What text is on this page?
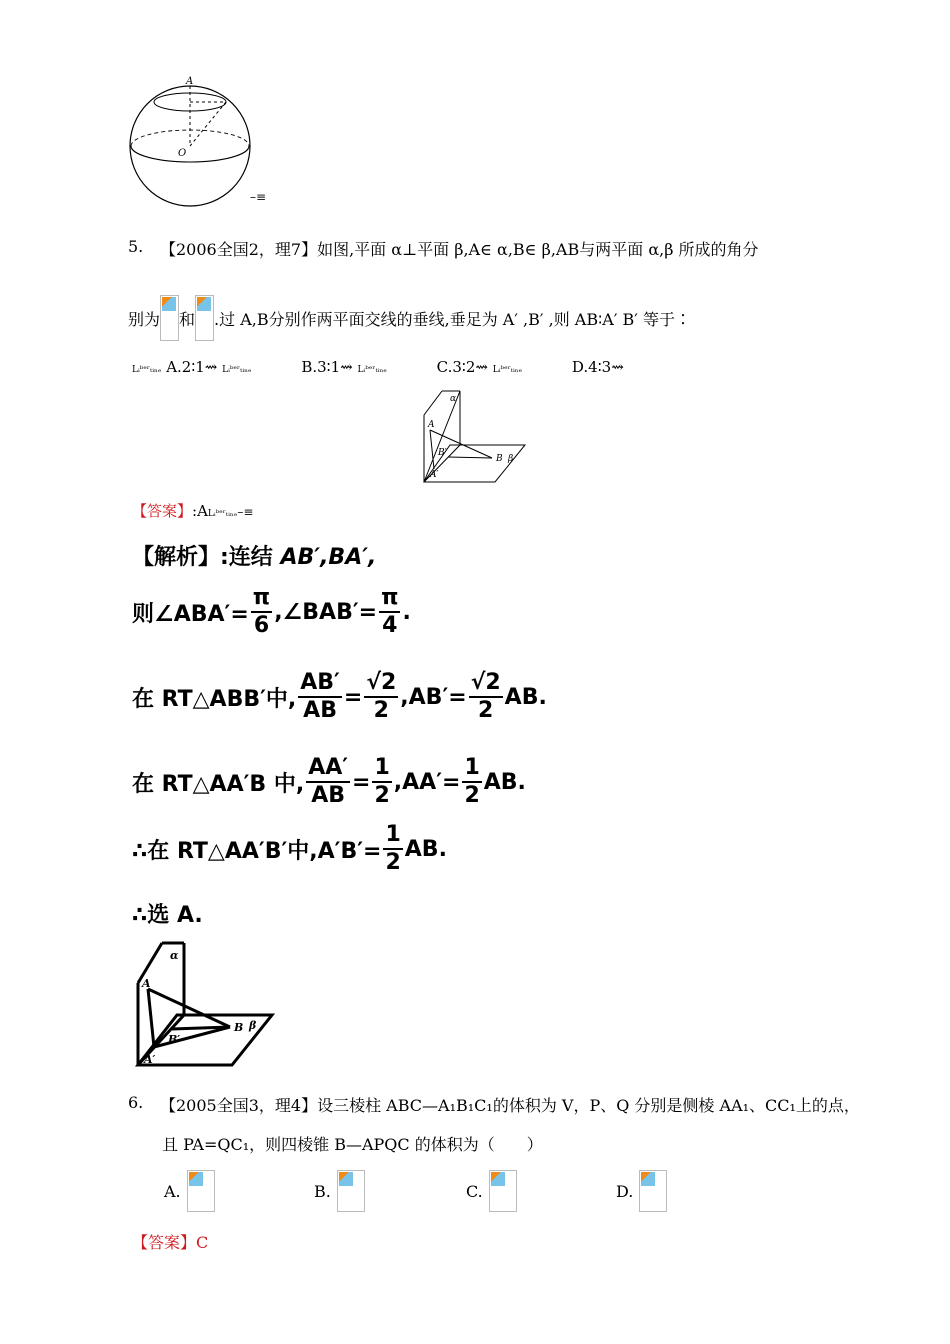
A
O
–≡
5. 【2006全国2，理7】如图,平面 α⊥平面 β,A∈ α,B∈ β,AB与两平面 α,β 所成的角分
别为 和 .过 A,B分别作两平面交线的垂线,垂足为 A′ ,B′ ,则 AB∶A′ B′ 等于∶
Lᵢᵇᵉʳₜᵢₙₑ A.2∶1⇝ Lᵢᵇᵉʳₜᵢₙₑ	B.3∶1⇝ Lᵢᵇᵉʳₜᵢₙₑ	C.3∶2⇝ Lᵢᵇᵉʳₜᵢₙₑ	D.4∶3⇝
α
A
B′
B β
A′
【答案】:ALᵢᵇᵉʳₜᵢₙₑ–≡
【解析】:连结 AB′,BA′,
则∠ABA′= $\frac{\pi}{6}$ ,∠BAB′= $\frac{\pi}{4}$ .
在 RT△ABB′中, $\frac{AB'}{AB} = \frac{√2}{2} ,AB'= \frac{√2}{2}$ AB.
在 RT△AA′B 中, $\frac{AA'}{AB} = \frac{1}{2} ,AA'= \frac{1}{2}$ AB.
∴在 RT△AA′B′中$,A'B'= \frac{1}{2}$ AB.
∴选 A.
α
A
B′
B β
A′
6. 【2005全国3，理4】设三棱柱 ABC—A₁B₁C₁的体积为 V，P、Q 分别是侧棱 AA₁、CC₁上的点，
且 PA=QC₁，则四棱锥 B—APQC 的体积为（　　）
A.	B.	C.	D.
【答案】C
